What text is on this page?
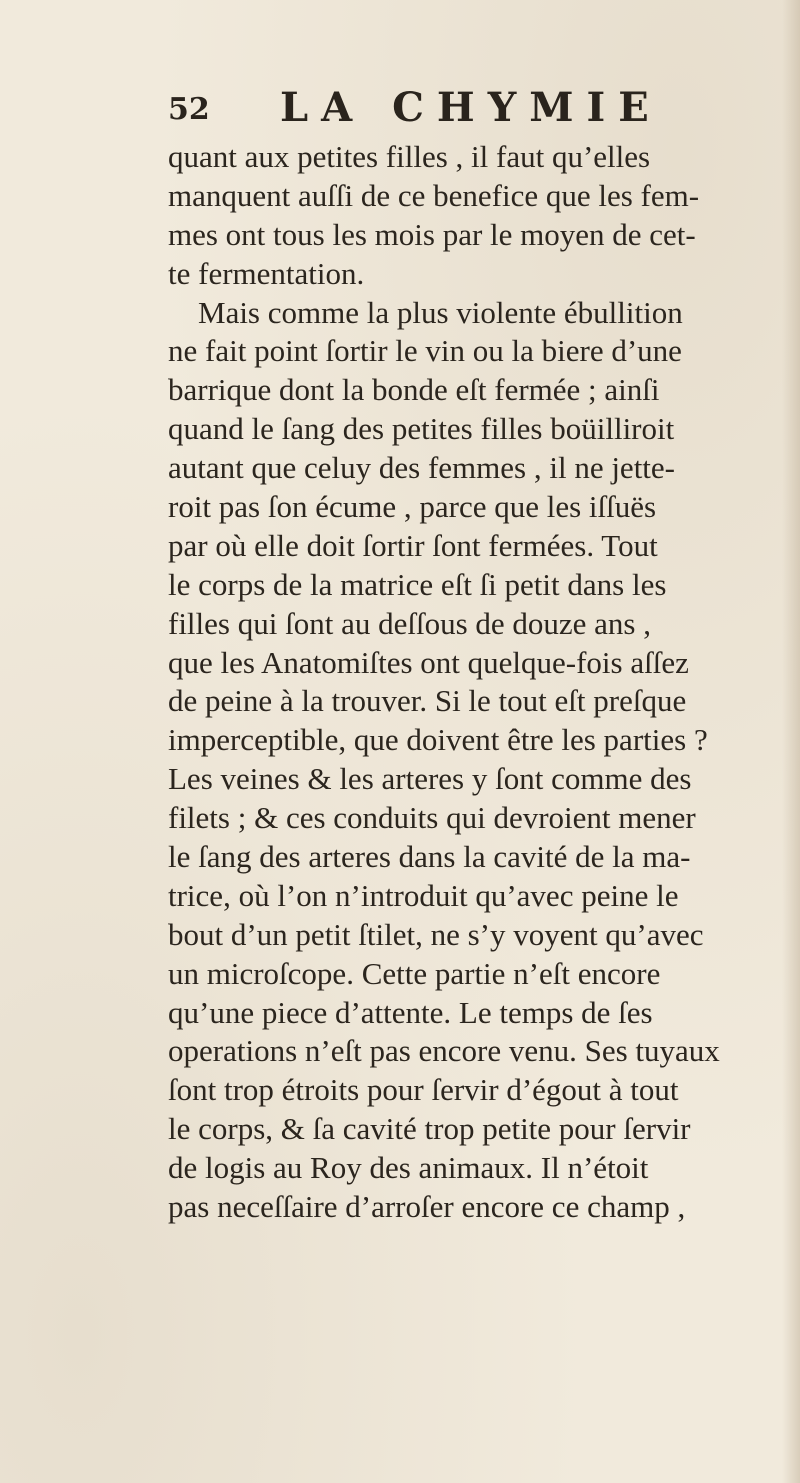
52 LA CHYMIE
quant aux petites filles , il faut qu’elles
manquent auſſi de ce benefice que les fem-
mes ont tous les mois par le moyen de cet-
te fermentation.
Mais comme la plus violente ébullition
ne fait point ſortir le vin ou la biere d’une
barrique dont la bonde eſt fermée ; ainſi
quand le ſang des petites filles boüilliroit
autant que celuy des femmes , il ne jette-
roit pas ſon écume , parce que les iſſuës
par où elle doit ſortir ſont fermées. Tout
le corps de la matrice eſt ſi petit dans les
filles qui ſont au deſſous de douze ans ,
que les Anatomiſtes ont quelque-fois aſſez
de peine à la trouver. Si le tout eſt preſque
imperceptible, que doivent être les parties ?
Les veines & les arteres y ſont comme des
filets ; & ces conduits qui devroient mener
le ſang des arteres dans la cavité de la ma-
trice, où l’on n’introduit qu’avec peine le
bout d’un petit ſtilet, ne s’y voyent qu’avec
un microſcope. Cette partie n’eſt encore
qu’une piece d’attente. Le temps de ſes
operations n’eſt pas encore venu. Ses tuyaux
ſont trop étroits pour ſervir d’égout à tout
le corps, & ſa cavité trop petite pour ſervir
de logis au Roy des animaux. Il n’étoit
pas neceſſaire d’arroſer encore ce champ ,
